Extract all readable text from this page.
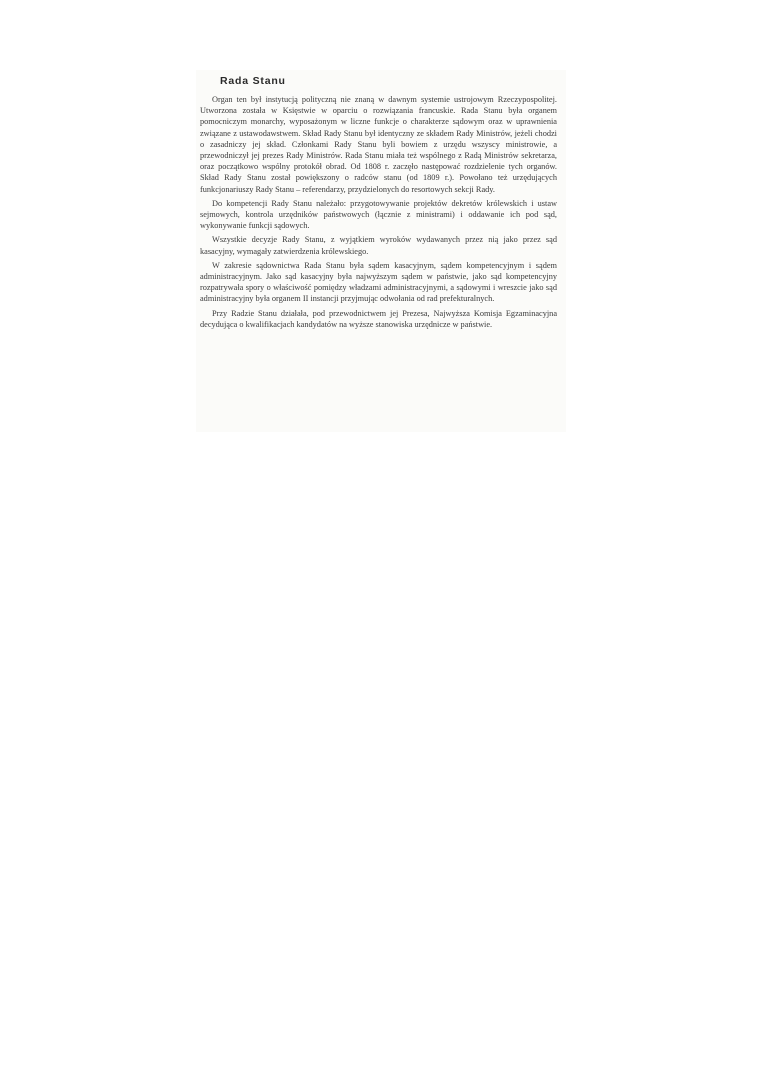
Rada Stanu

Organ ten był instytucją polityczną nie znaną w dawnym systemie ustrojowym Rzeczypospolitej. Utworzona została w Księstwie w oparciu o rozwiązania francuskie. Rada Stanu była organem pomocniczym monarchy, wyposażonym w liczne funkcje o charakterze sądowym oraz w uprawnienia związane z ustawodawstwem. Skład Rady Stanu był identyczny ze składem Rady Ministrów, jeżeli chodzi o zasadniczy jej skład. Członkami Rady Stanu byli bowiem z urzędu wszyscy ministrowie, a przewodniczył jej prezes Rady Ministrów. Rada Stanu miała też wspólnego z Radą Ministrów sekretarza, oraz początkowo wspólny protokół obrad. Od 1808 r. zaczęło następować rozdzielenie tych organów. Skład Rady Stanu został powiększony o radców stanu (od 1809 r.). Powołano też urzędujących funkcjonariuszy Rady Stanu – referendarzy, przydzielonych do resortowych sekcji Rady.

Do kompetencji Rady Stanu należało: przygotowywanie projektów dekretów królewskich i ustaw sejmowych, kontrola urzędników państwowych (łącznie z ministrami) i oddawanie ich pod sąd, wykonywanie funkcji sądowych.

Wszystkie decyzje Rady Stanu, z wyjątkiem wyroków wydawanych przez nią jako przez sąd kasacyjny, wymagały zatwierdzenia królewskiego.

W zakresie sądownictwa Rada Stanu była sądem kasacyjnym, sądem kompetencyjnym i sądem administracyjnym. Jako sąd kasacyjny była najwyższym sądem w państwie, jako sąd kompetencyjny rozpatrywała spory o właściwość pomiędzy władzami administracyjnymi, a sądowymi i wreszcie jako sąd administracyjny była organem II instancji przyjmując odwołania od rad prefekturalnych.

Przy Radzie Stanu działała, pod przewodnictwem jej Prezesa, Najwyższa Komisja Egzaminacyjna decydująca o kwalifikacjach kandydatów na wyższe stanowiska urzędnicze w państwie.
